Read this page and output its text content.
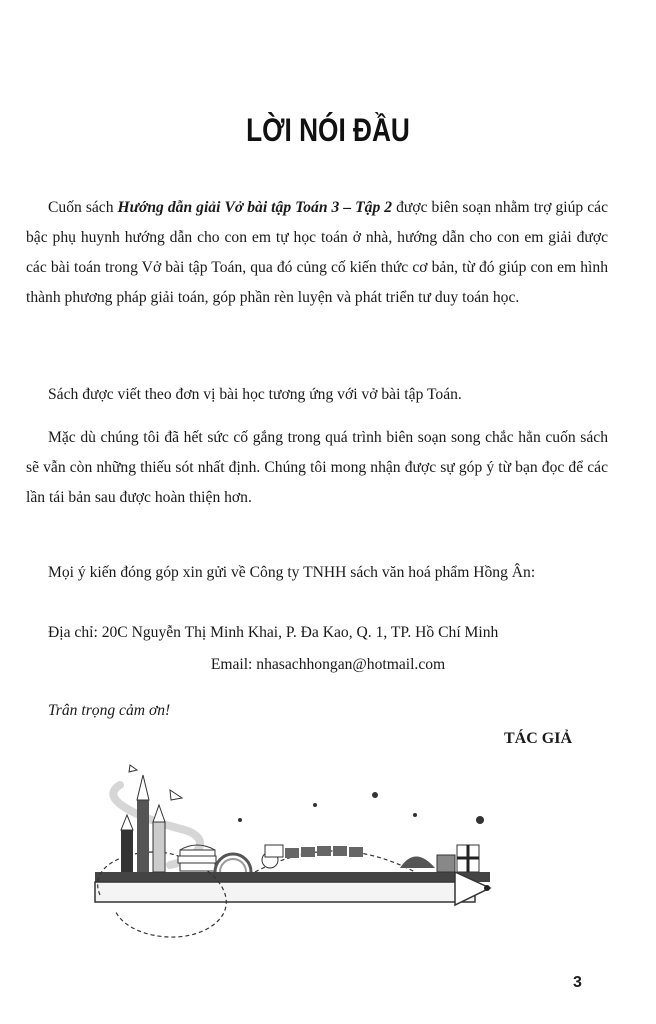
LỜI NÓI ĐẦU

Cuốn sách Hướng dẫn giải Vở bài tập Toán 3 – Tập 2 được biên soạn nhằm trợ giúp các bậc phụ huynh hướng dẫn cho con em tự học toán ở nhà, hướng dẫn cho con em giải được các bài toán trong Vở bài tập Toán, qua đó củng cố kiến thức cơ bản, từ đó giúp con em hình thành phương pháp giải toán, góp phần rèn luyện và phát triển tư duy toán học.

Sách được viết theo đơn vị bài học tương ứng với vở bài tập Toán.

Mặc dù chúng tôi đã hết sức cố gắng trong quá trình biên soạn song chắc hẳn cuốn sách sẽ vẫn còn những thiếu sót nhất định. Chúng tôi mong nhận được sự góp ý từ bạn đọc để các lần tái bản sau được hoàn thiện hơn.

Mọi ý kiến đóng góp xin gửi về Công ty TNHH sách văn hoá phẩm Hồng Ân:

Địa chỉ: 20C Nguyễn Thị Minh Khai, P. Đa Kao, Q. 1, TP. Hồ Chí Minh

Email: nhasachhongan@hotmail.com
Trân trọng cảm ơn!
TÁC GIẢ
3
